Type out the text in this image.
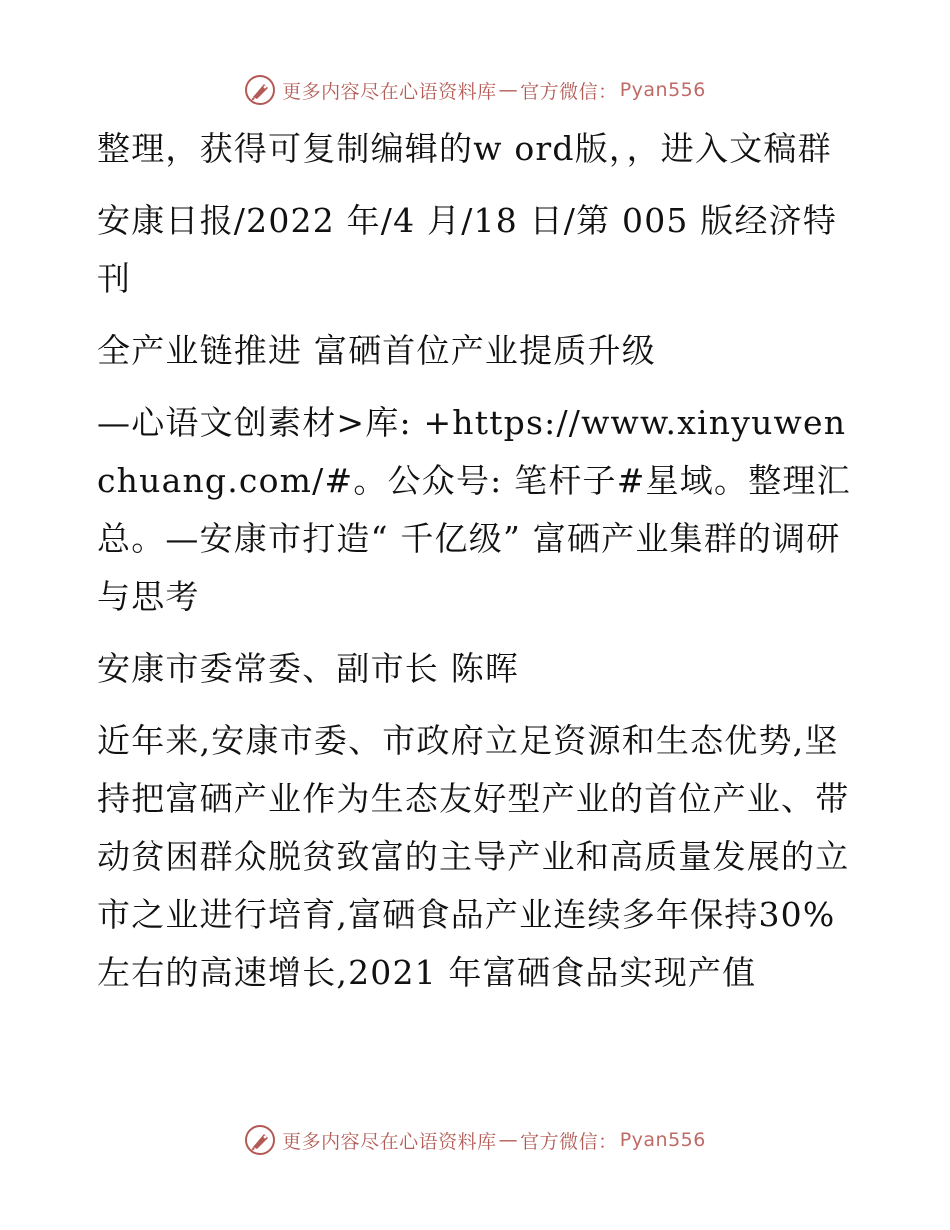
更多内容尽在心语资料库 — 官方微信： Pyan556

整理，获得可复制编辑的w ord版，，进入文稿群

安康日报/2022 年/4 月/18 日/第 005 版经济特刊

全产业链推进 富硒首位产业提质升级

—心语文创素材>库: +https://www.xinyuwenchuang.com/#。公众号: 笔杆子#星域。整理汇总。—安康市打造“ 千亿级” 富硒产业集群的调研与思考

安康市委常委、副市长 陈晖

近年来,安康市委、市政府立足资源和生态优势,坚持把富硒产业作为生态友好型产业的首位产业、带动贫困群众脱贫致富的主导产业和高质量发展的立市之业进行培育,富硒食品产业连续多年保持30%左右的高速增长,2021 年富硒食品实现产值

更多内容尽在心语资料库 — 官方微信： Pyan556
